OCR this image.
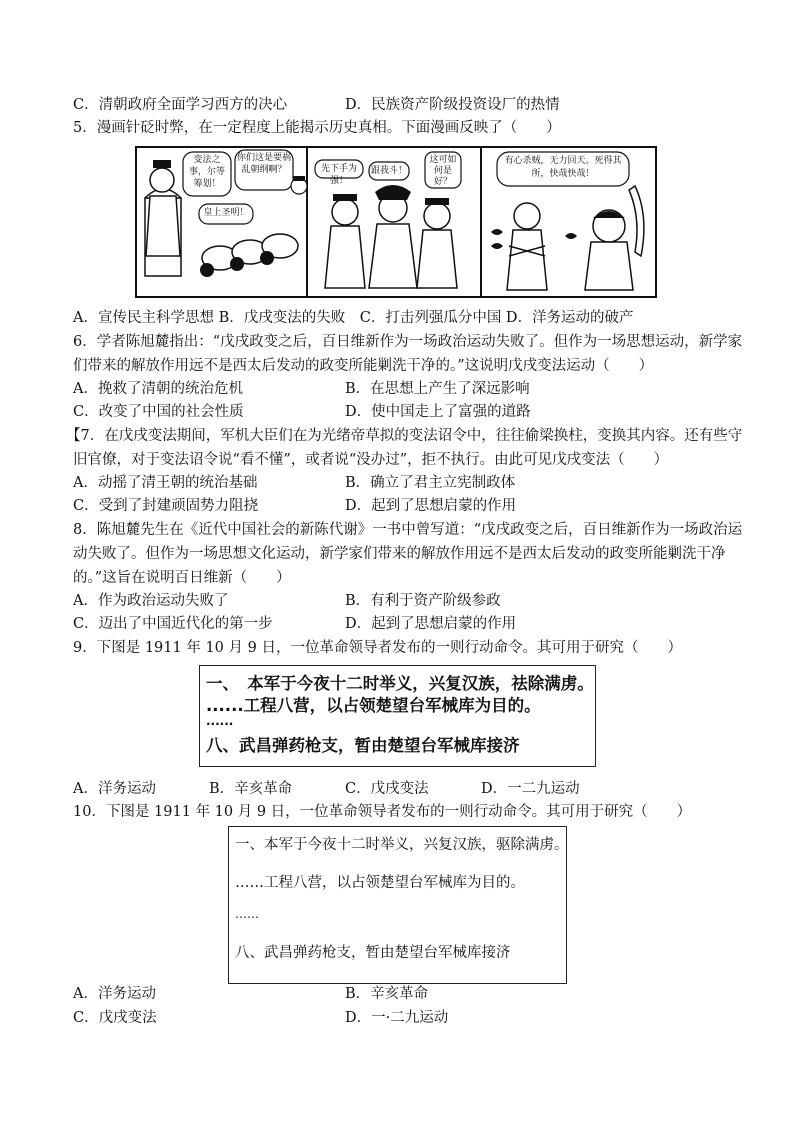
C．清朝政府全面学习西方的决心	D．民族资产阶级投资设厂的热情
5．漫画针砭时弊，在一定程度上能揭示历史真相。下面漫画反映了（　　）
变法之事，尔等筹划！
你们这是要祸乱朝纲啊？
皇上圣明！
先下手为强！
跟我斗！
这可如何是好？
有心杀贼，无力回天。死得其所，快哉快哉！
A．宣传民主科学思想 B．戊戌变法的失败　C．打击列强瓜分中国 D．洋务运动的破产
6．学者陈旭麓指出：“戊戌政变之后，百日维新作为一场政治运动失败了。但作为一场思想运动，新学家
们带来的解放作用远不是西太后发动的政变所能剿洗干净的。”这说明戊戌变法运动（　　）
A．挽救了清朝的统治危机	B．在思想上产生了深远影响
C．改变了中国的社会性质	D．使中国走上了富强的道路
【7．在戊戌变法期间，军机大臣们在为光绪帝草拟的变法诏令中，往往偷梁换柱，变换其内容。还有些守
旧官僚，对于变法诏令说“看不懂”，或者说“没办过”，拒不执行。由此可见戊戌变法（　　）
A．动摇了清王朝的统治基础	B．确立了君主立宪制政体
C．受到了封建顽固势力阻挠	D．起到了思想启蒙的作用
8．陈旭麓先生在《近代中国社会的新陈代谢》一书中曾写道：“戊戌政变之后，百日维新作为一场政治运
动失败了。但作为一场思想文化运动，新学家们带来的解放作用远不是西太后发动的政变所能剿洗干净
的。”这旨在说明百日维新（　　）
A．作为政治运动失败了	B．有利于资产阶级参政
C．迈出了中国近代化的第一步	D．起到了思想启蒙的作用
9．下图是 1911 年 10 月 9 日，一位革命领导者发布的一则行动命令。其可用于研究（　　）
一、　本军于今夜十二时举义，兴复汉族，祛除满虏。
......工程八营，以占领楚望台军械库为目的。
......
八、武昌弹药枪支，暂由楚望台军械库接济
A．洋务运动	B．辛亥革命	C．戊戌变法	D．一二九运动
10．下图是 1911 年 10 月 9 日，一位革命领导者发布的一则行动命令。其可用于研究（　　）
一、本军于今夜十二时举义，兴复汉族，驱除满虏。
……工程八营，以占领楚望台军械库为目的。
……
八、武昌弹药枪支，暂由楚望台军械库接济
A．洋务运动	B．辛亥革命
C．戊戌变法	D．一·二九运动
